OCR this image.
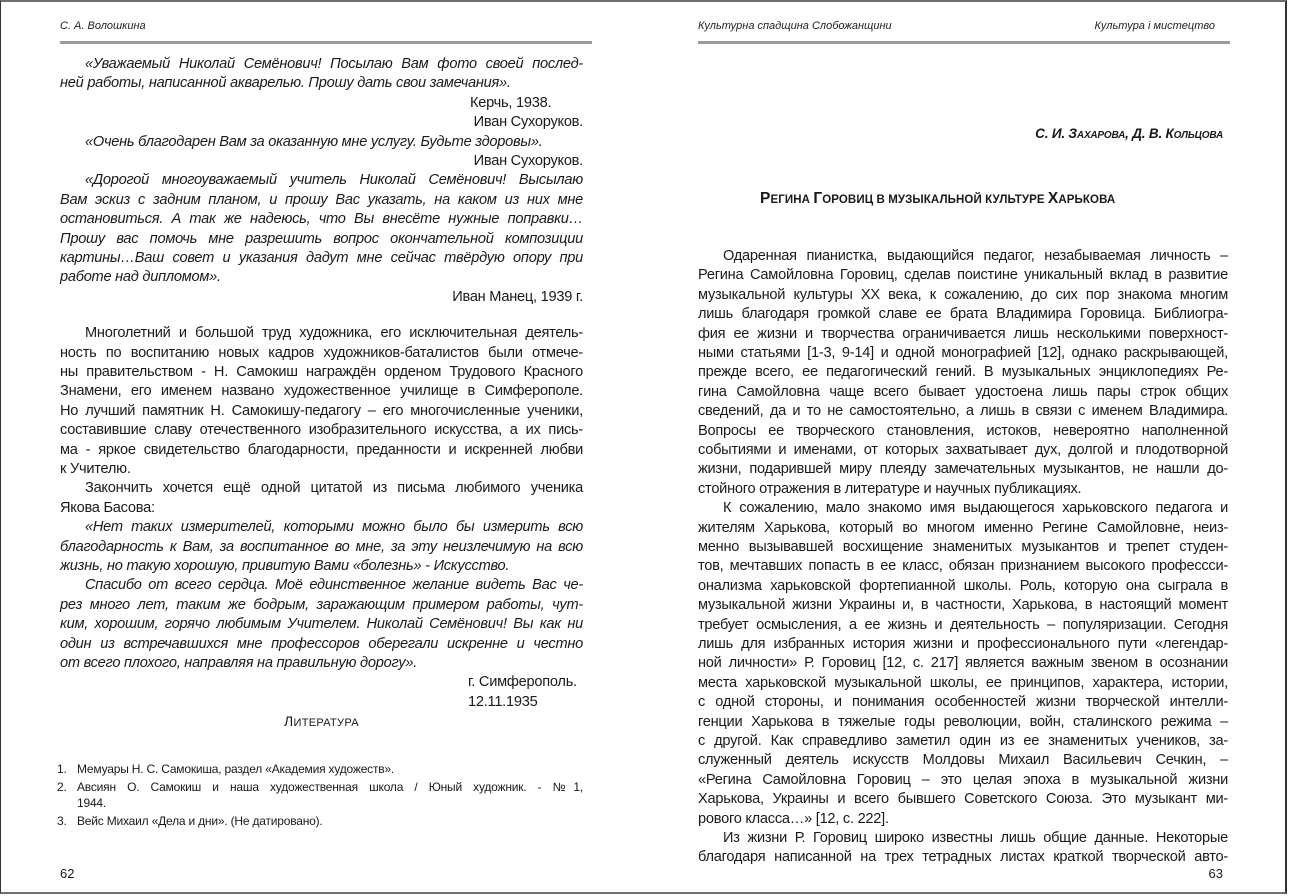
С. А. Волошкина
«Уважаемый Николай Семёнович! Посылаю Вам фото своей послед-
ней работы, написанной акварелью. Прошу дать свои замечания».
Керчь, 1938.
Иван Сухоруков.
«Очень благодарен Вам за оказанную мне услугу. Будьте здоровы».
Иван Сухоруков.
«Дорогой многоуважаемый учитель Николай Семёнович! Высылаю
Вам эскиз с задним планом, и прошу Вас указать, на каком из них мне
остановиться. А так же надеюсь, что Вы внесёте нужные поправки…
Прошу вас помочь мне разрешить вопрос окончательной композиции
картины…Ваш совет и указания дадут мне сейчас твёрдую опору при
работе над дипломом».
Иван Манец, 1939 г.
Многолетний и большой труд художника, его исключительная деятель-
ность по воспитанию новых кадров художников-баталистов были отмече-
ны правительством - Н. Самокиш награждён орденом Трудового Красного
Знамени, его именем названо художественное училище в Симферополе.
Но лучший памятник Н. Самокишу-педагогу – его многочисленные ученики,
составившие славу отечественного изобразительного искусства, а их пись-
ма - яркое свидетельство благодарности, преданности и искренней любви
к Учителю.
Закончить хочется ещё одной цитатой из письма любимого ученика
Якова Басова:
«Нет таких измерителей, которыми можно было бы измерить всю
благодарность к Вам, за воспитанное во мне, за эту неизлечимую на всю
жизнь, но такую хорошую, привитую Вами «болезнь» - Искусство.
Спасибо от всего сердца. Моё единственное желание видеть Вас че-
рез много лет, таким же бодрым, заражающим примером работы, чут-
ким, хорошим, горячо любимым Учителем. Николай Семёнович! Вы как ни
один из встречавшихся мне профессоров оберегали искренне и честно
от всего плохого, направляя на правильную дорогу».
г. Симферополь.
12.11.1935
ЛИТЕРАТУРА
1. Мемуары Н. С. Самокиша, раздел «Академия художеств».
2. Авсиян О. Самокиш и наша художественная школа / Юный художник. - №1,
1944.
3. Вейс Михаил «Дела и дни». (Не датировано).
62
Культурна спадщина Слобожанщини	Культура і мистецтво
С. И. ЗАХАРОВА, Д. В. КОЛЬЦОВА
РЕГИНА ГОРОВИЦ В МУЗЫКАЛЬНОЙ КУЛЬТУРЕ ХАРЬКОВА
Одаренная пианистка, выдающийся педагог, незабываемая личность –
Регина Самойловна Горовиц, сделав поистине уникальный вклад в развитие
музыкальной культуры XX века, к сожалению, до сих пор знакома многим
лишь благодаря громкой славе ее брата Владимира Горовица. Библиогра-
фия ее жизни и творчества ограничивается лишь несколькими поверхност-
ными статьями [1-3, 9-14] и одной монографией [12], однако раскрывающей,
прежде всего, ее педагогический гений. В музыкальных энциклопедиях Ре-
гина Самойловна чаще всего бывает удостоена лишь пары строк общих
сведений, да и то не самостоятельно, а лишь в связи с именем Владимира.
Вопросы ее творческого становления, истоков, невероятно наполненной
событиями и именами, от которых захватывает дух, долгой и плодотворной
жизни, подарившей миру плеяду замечательных музыкантов, не нашли до-
стойного отражения в литературе и научных публикациях.
К сожалению, мало знакомо имя выдающегося харьковского педагога и
жителям Харькова, который во многом именно Регине Самойловне, неиз-
менно вызывавшей восхищение знаменитых музыкантов и трепет студен-
тов, мечтавших попасть в ее класс, обязан признанием высокого профессси-
онализма харьковской фортепианной школы. Роль, которую она сыграла в
музыкальной жизни Украины и, в частности, Харькова, в настоящий момент
требует осмысления, а ее жизнь и деятельность – популяризации. Сегодня
лишь для избранных история жизни и профессионального пути «легендар-
ной личности» Р. Горовиц [12, с. 217] является важным звеном в осознании
места харьковской музыкальной школы, ее принципов, характера, истории,
с одной стороны, и понимания особенностей жизни творческой интелли-
генции Харькова в тяжелые годы революции, войн, сталинского режима –
с другой. Как справедливо заметил один из ее знаменитых учеников, за-
служенный деятель искусств Молдовы Михаил Васильевич Сечкин, –
«Регина Самойловна Горовиц – это целая эпоха в музыкальной жизни
Харькова, Украины и всего бывшего Советского Союза. Это музыкант ми-
рового класса…» [12, с. 222].
Из жизни Р. Горовиц широко известны лишь общие данные. Некоторые
благодаря написанной на трех тетрадных листах краткой творческой авто-
63
